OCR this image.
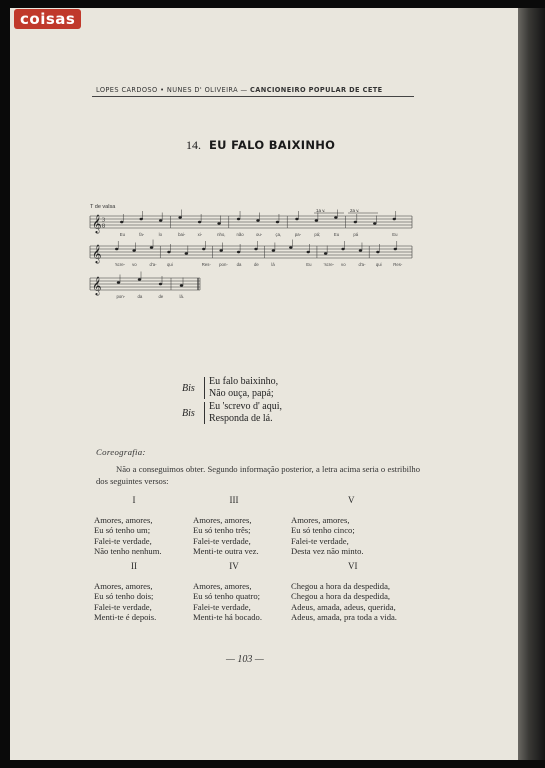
coisas
LOPES CARDOSO • NUNES D' OLIVEIRA — CANCIONEIRO POPULAR DE CETE
14. EU FALO BAIXINHO
T de valsa
𝄞 3
8
𝄞
𝄞
Eu	fa-	lo	bai-	xi-	nho,	não	ou-	ça,	pa-	pá;	Eu	pá	Eu
'scre- vo	d'a- qui	Res- pon- da	de	lá	Eu	'scre- vo	d'a- qui	Res-
pon-	da	de	lá.
1a v.	2a v.
Bis
Eu falo baixinho,
Não ouça, papá;
Bis
Eu 'screvo d' aqui,
Responda de lá.
Coreografia:
Não a conseguimos obter. Segundo informação posterior, a letra acima seria o estribilho dos seguintes versos:
I
Amores, amores,
Eu só tenho um;
Falei-te verdade,
Não tenho nenhum.
III
Amores, amores,
Eu só tenho três;
Falei-te verdade,
Menti-te outra vez.
V
Amores, amores,
Eu só tenho cinco;
Falei-te verdade,
Desta vez não minto.
II
Amores, amores,
Eu só tenho dois;
Falei-te verdade,
Menti-te é depois.
IV
Amores, amores,
Eu só tenho quatro;
Falei-te verdade,
Menti-te há bocado.
VI
Chegou a hora da despedida,
Chegou a hora da despedida,
Adeus, amada, adeus, querida,
Adeus, amada, pra toda a vida.
— 103 —
